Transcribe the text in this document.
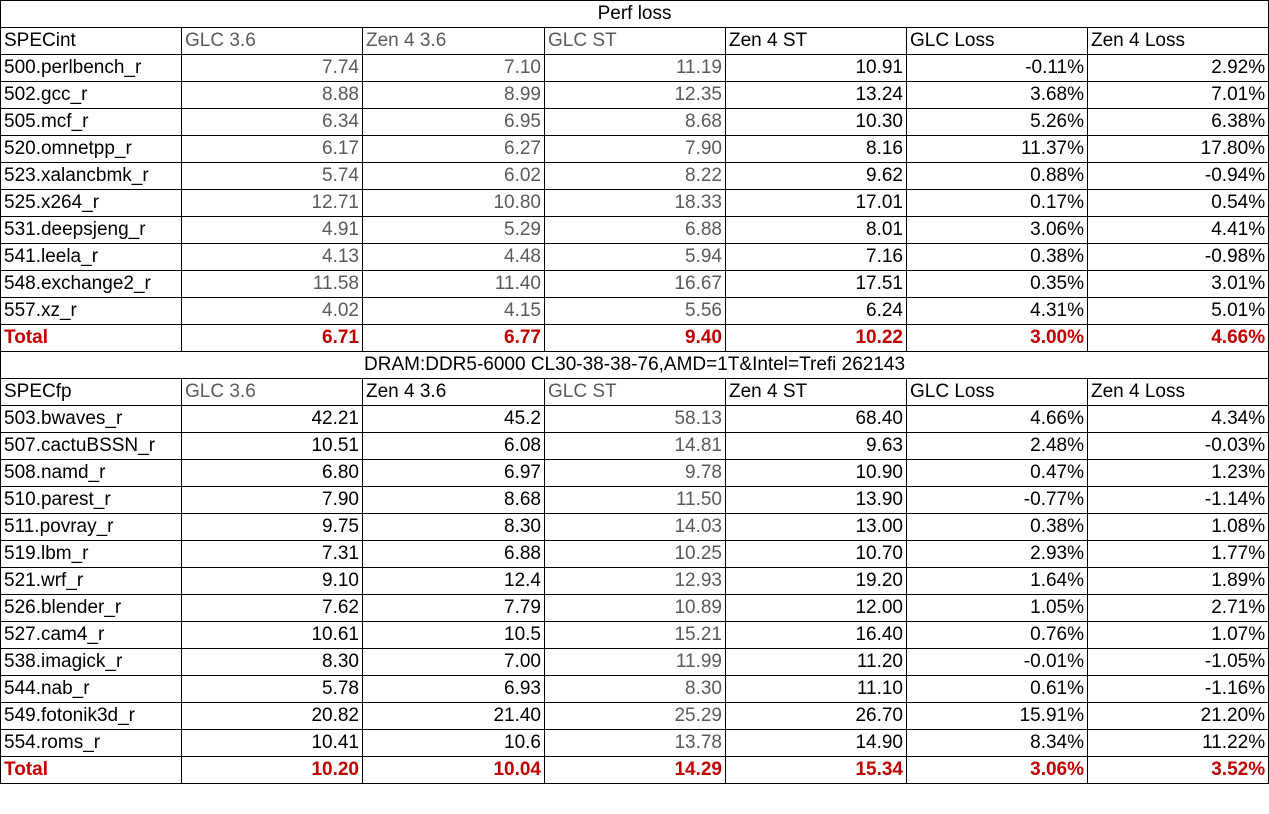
Perf loss						
SPECint	GLC 3.6	Zen 4 3.6	GLC ST	Zen 4 ST	GLC Loss	Zen 4 Loss
500.perlbench_r	7.74	7.10	11.19	10.91	-0.11%	2.92%
502.gcc_r	8.88	8.99	12.35	13.24	3.68%	7.01%
505.mcf_r	6.34	6.95	8.68	10.30	5.26%	6.38%
520.omnetpp_r	6.17	6.27	7.90	8.16	11.37%	17.80%
523.xalancbmk_r	5.74	6.02	8.22	9.62	0.88%	-0.94%
525.x264_r	12.71	10.80	18.33	17.01	0.17%	0.54%
531.deepsjeng_r	4.91	5.29	6.88	8.01	3.06%	4.41%
541.leela_r	4.13	4.48	5.94	7.16	0.38%	-0.98%
548.exchange2_r	11.58	11.40	16.67	17.51	0.35%	3.01%
557.xz_r	4.02	4.15	5.56	6.24	4.31%	5.01%
Total	6.71	6.77	9.40	10.22	3.00%	4.66%
DRAM:DDR5-6000 CL30-38-38-76,AMD=1T&Intel=Trefi 262143						
SPECfp	GLC 3.6	Zen 4 3.6	GLC ST	Zen 4 ST	GLC Loss	Zen 4 Loss
503.bwaves_r	42.21	45.2	58.13	68.40	4.66%	4.34%
507.cactuBSSN_r	10.51	6.08	14.81	9.63	2.48%	-0.03%
508.namd_r	6.80	6.97	9.78	10.90	0.47%	1.23%
510.parest_r	7.90	8.68	11.50	13.90	-0.77%	-1.14%
511.povray_r	9.75	8.30	14.03	13.00	0.38%	1.08%
519.lbm_r	7.31	6.88	10.25	10.70	2.93%	1.77%
521.wrf_r	9.10	12.4	12.93	19.20	1.64%	1.89%
526.blender_r	7.62	7.79	10.89	12.00	1.05%	2.71%
527.cam4_r	10.61	10.5	15.21	16.40	0.76%	1.07%
538.imagick_r	8.30	7.00	11.99	11.20	-0.01%	-1.05%
544.nab_r	5.78	6.93	8.30	11.10	0.61%	-1.16%
549.fotonik3d_r	20.82	21.40	25.29	26.70	15.91%	21.20%
554.roms_r	10.41	10.6	13.78	14.90	8.34%	11.22%
Total	10.20	10.04	14.29	15.34	3.06%	3.52%
